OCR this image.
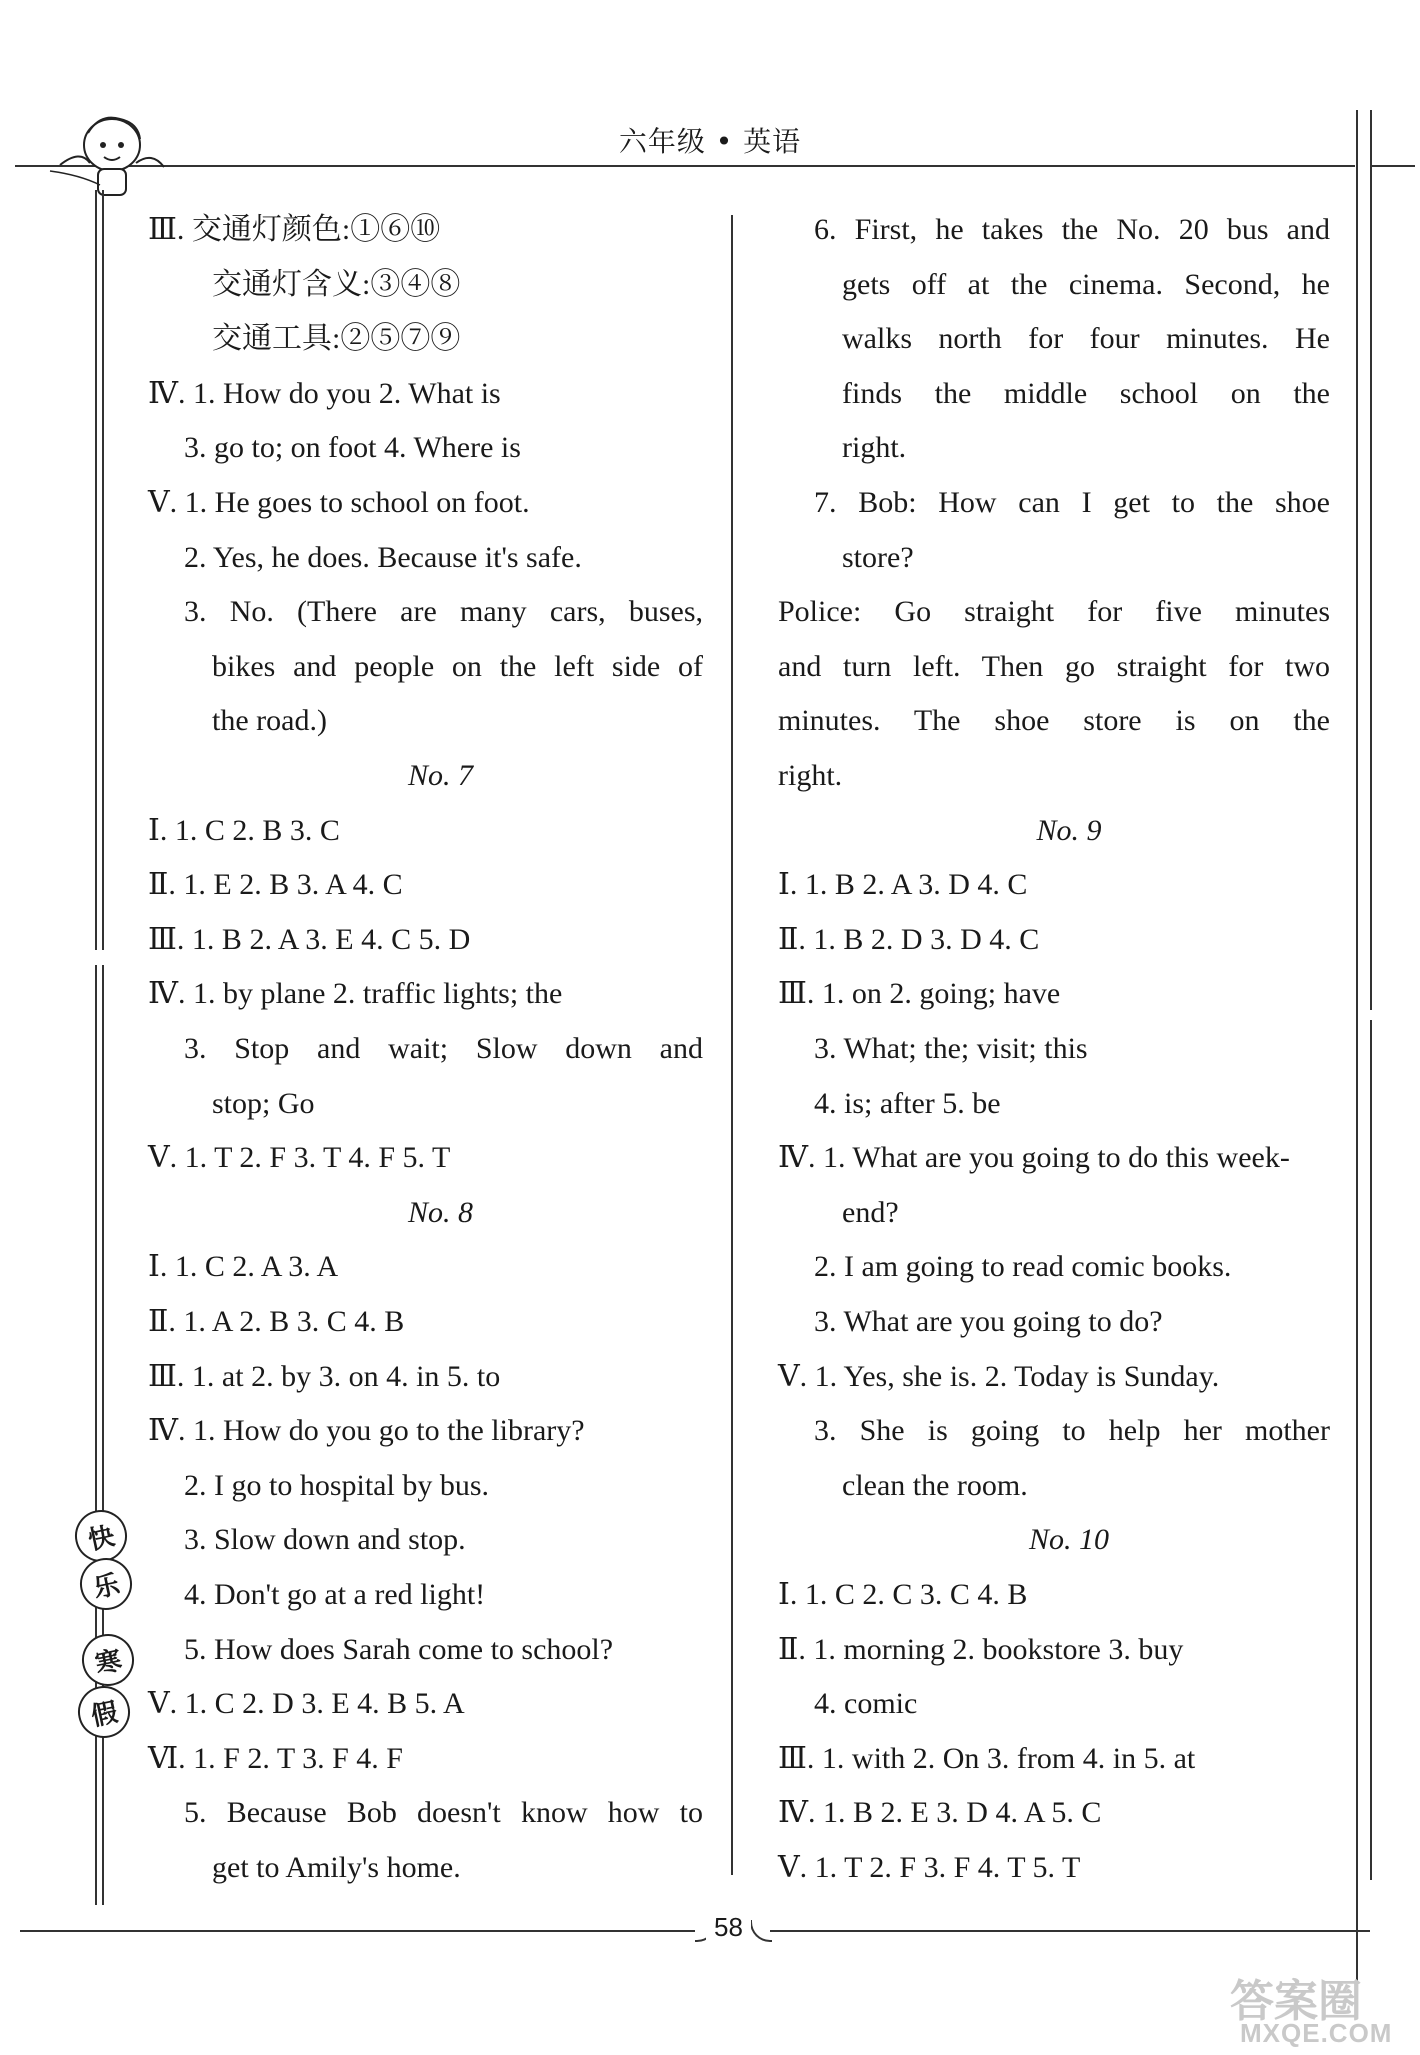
六年级 • 英语
快
乐
寒
假
Ⅲ. 交通灯颜色:①⑥⑩
交通灯含义:③④⑧
交通工具:②⑤⑦⑨
Ⅳ. 1. How do you 2. What is
3. go to; on foot 4. Where is
Ⅴ. 1. He goes to school on foot.
2. Yes, he does. Because it's safe.
3. No. (There are many cars, buses,
bikes and people on the left side of
the road.)
No. 7
Ⅰ. 1. C 2. B 3. C
Ⅱ. 1. E 2. B 3. A 4. C
Ⅲ. 1. B 2. A 3. E 4. C 5. D
Ⅳ. 1. by plane 2. traffic lights; the
3. Stop and wait; Slow down and
stop; Go
Ⅴ. 1. T 2. F 3. T 4. F 5. T
No. 8
Ⅰ. 1. C 2. A 3. A
Ⅱ. 1. A 2. B 3. C 4. B
Ⅲ. 1. at 2. by 3. on 4. in 5. to
Ⅳ. 1. How do you go to the library?
2. I go to hospital by bus.
3. Slow down and stop.
4. Don't go at a red light!
5. How does Sarah come to school?
Ⅴ. 1. C 2. D 3. E 4. B 5. A
Ⅵ. 1. F 2. T 3. F 4. F
5. Because Bob doesn't know how to
get to Amily's home.
6. First, he takes the No. 20 bus and
gets off at the cinema. Second, he
walks north for four minutes. He
finds the middle school on the
right.
7. Bob: How can I get to the shoe
store?
Police: Go straight for five minutes
and turn left. Then go straight for two
minutes. The shoe store is on the
right.
No. 9
Ⅰ. 1. B 2. A 3. D 4. C
Ⅱ. 1. B 2. D 3. D 4. C
Ⅲ. 1. on 2. going; have
3. What; the; visit; this
4. is; after 5. be
Ⅳ. 1. What are you going to do this week-
end?
2. I am going to read comic books.
3. What are you going to do?
Ⅴ. 1. Yes, she is. 2. Today is Sunday.
3. She is going to help her mother
clean the room.
No. 10
Ⅰ. 1. C 2. C 3. C 4. B
Ⅱ. 1. morning 2. bookstore 3. buy
4. comic
Ⅲ. 1. with 2. On 3. from 4. in 5. at
Ⅳ. 1. B 2. E 3. D 4. A 5. C
Ⅴ. 1. T 2. F 3. F 4. T 5. T
58
答案圈
MXQE.COM
